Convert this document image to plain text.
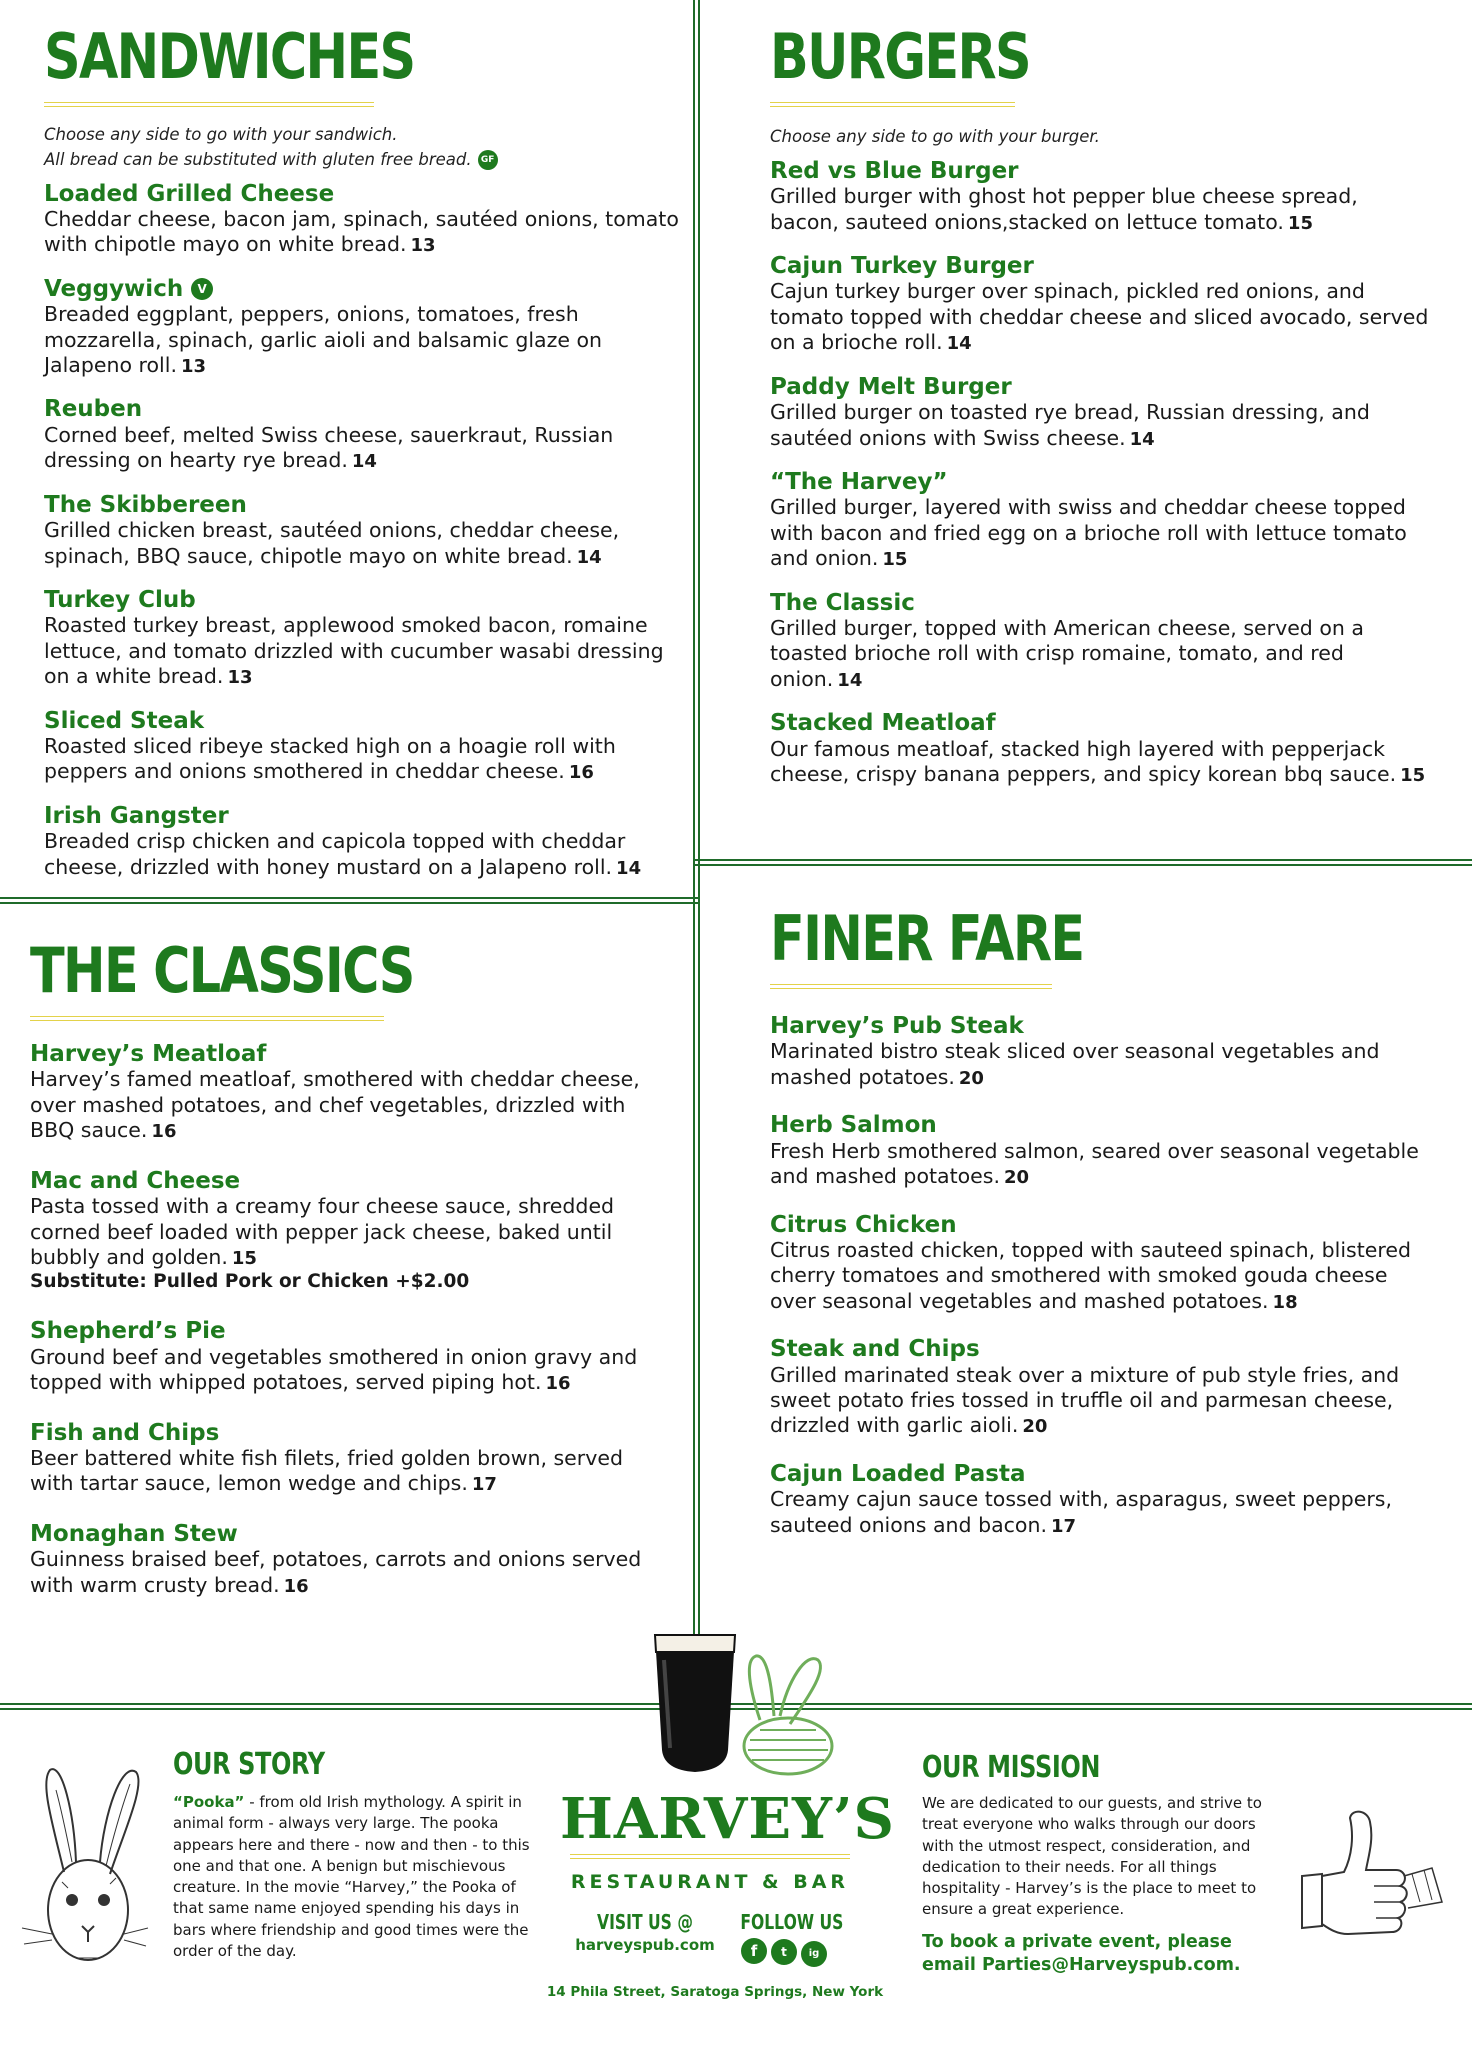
SANDWICHES
Choose any side to go with your sandwich.
All bread can be substituted with gluten free bread. GF
Loaded Grilled Cheese
Cheddar cheese, bacon jam, spinach, sautéed onions, tomato with chipotle mayo on white bread. 13
Veggywich V
Breaded eggplant, peppers, onions, tomatoes, fresh mozzarella, spinach, garlic aioli and balsamic glaze on Jalapeno roll. 13
Reuben
Corned beef, melted Swiss cheese, sauerkraut, Russian dressing on hearty rye bread. 14
The Skibbereen
Grilled chicken breast, sautéed onions, cheddar cheese, spinach, BBQ sauce, chipotle mayo on white bread. 14
Turkey Club
Roasted turkey breast, applewood smoked bacon, romaine lettuce, and tomato drizzled with cucumber wasabi dressing on a white bread. 13
Sliced Steak
Roasted sliced ribeye stacked high on a hoagie roll with peppers and onions smothered in cheddar cheese. 16
Irish Gangster
Breaded crisp chicken and capicola topped with cheddar cheese, drizzled with honey mustard on a Jalapeno roll. 14
BURGERS
Choose any side to go with your burger.
Red vs Blue Burger
Grilled burger with ghost hot pepper blue cheese spread, bacon, sauteed onions,stacked on lettuce tomato. 15
Cajun Turkey Burger
Cajun turkey burger over spinach, pickled red onions, and tomato topped with cheddar cheese and sliced avocado, served on a brioche roll. 14
Paddy Melt Burger
Grilled burger on toasted rye bread, Russian dressing, and sautéed onions with Swiss cheese. 14
“The Harvey”
Grilled burger, layered with swiss and cheddar cheese topped with bacon and fried egg on a brioche roll with lettuce tomato and onion. 15
The Classic
Grilled burger, topped with American cheese, served on a toasted brioche roll with crisp romaine, tomato, and red onion. 14
Stacked Meatloaf
Our famous meatloaf, stacked high layered with pepperjack cheese, crispy banana peppers, and spicy korean bbq sauce. 15
THE CLASSICS
Harvey’s Meatloaf
Harvey’s famed meatloaf, smothered with cheddar cheese, over mashed potatoes, and chef vegetables, drizzled with BBQ sauce. 16
Mac and Cheese
Pasta tossed with a creamy four cheese sauce, shredded corned beef loaded with pepper jack cheese, baked until bubbly and golden. 15
Substitute: Pulled Pork or Chicken +$2.00
Shepherd’s Pie
Ground beef and vegetables smothered in onion gravy and topped with whipped potatoes, served piping hot. 16
Fish and Chips
Beer battered white fish filets, fried golden brown, served with tartar sauce, lemon wedge and chips. 17
Monaghan Stew
Guinness braised beef, potatoes, carrots and onions served with warm crusty bread. 16
FINER FARE
Harvey’s Pub Steak
Marinated bistro steak sliced over seasonal vegetables and mashed potatoes. 20
Herb Salmon
Fresh Herb smothered salmon, seared over seasonal vegetable and mashed potatoes. 20
Citrus Chicken
Citrus roasted chicken, topped with sauteed spinach, blistered cherry tomatoes and smothered with smoked gouda cheese over seasonal vegetables and mashed potatoes. 18
Steak and Chips
Grilled marinated steak over a mixture of pub style fries, and sweet potato fries tossed in truffle oil and parmesan cheese, drizzled with garlic aioli. 20
Cajun Loaded Pasta
Creamy cajun sauce tossed with, asparagus, sweet peppers, sauteed onions and bacon. 17
OUR STORY
“Pooka” - from old Irish mythology. A spirit in animal form - always very large. The pooka appears here and there - now and then - to this one and that one. A benign but mischievous creature. In the movie “Harvey,” the Pooka of that same name enjoyed spending his days in bars where friendship and good times were the order of the day.
HARVEY’S
RESTAURANT & BAR
VISIT US @
harveyspub.com
FOLLOW US
f t ig
14 Phila Street, Saratoga Springs, New York
OUR MISSION
We are dedicated to our guests, and strive to treat everyone who walks through our doors with the utmost respect, consideration, and dedication to their needs. For all things hospitality - Harvey’s is the place to meet to ensure a great experience.
To book a private event, please email Parties@Harveyspub.com.
